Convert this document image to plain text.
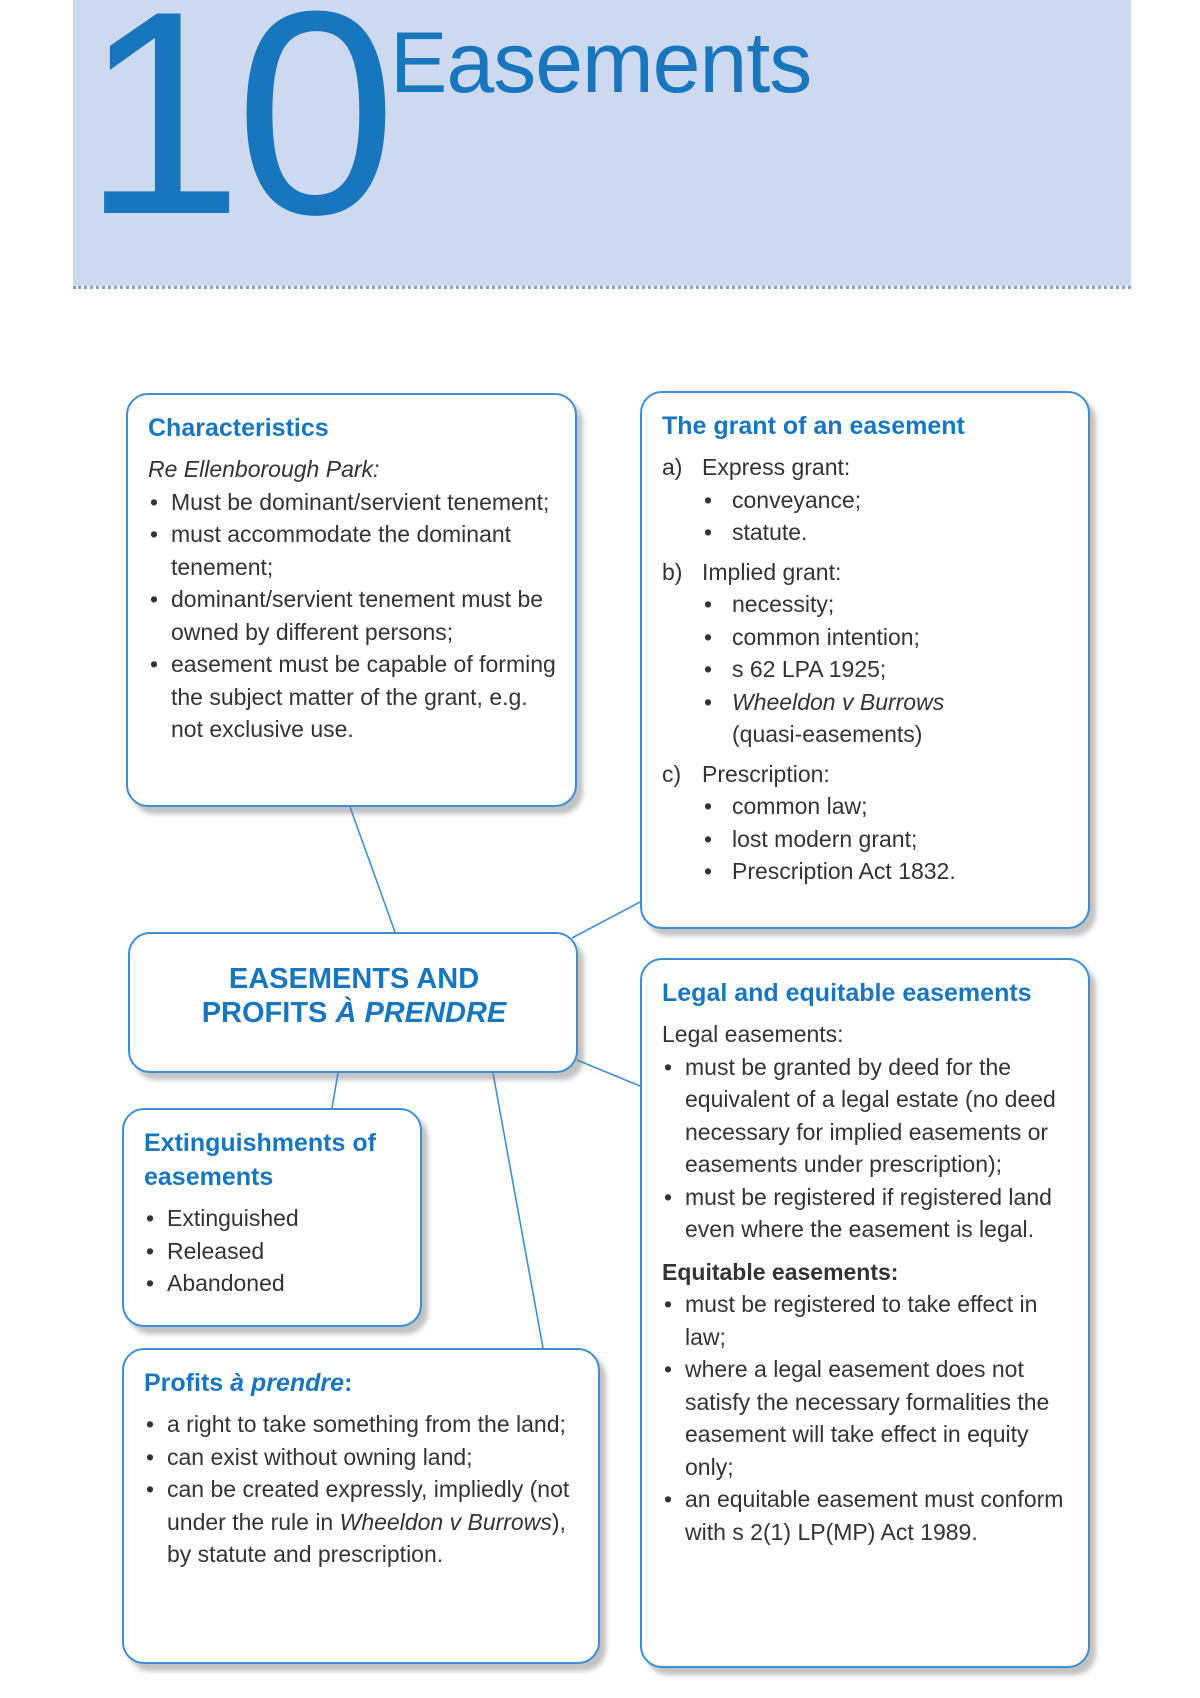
10 Easements
Characteristics

Re Ellenborough Park:

• Must be dominant/servient tenement;
• must accommodate the dominant tenement;
• dominant/servient tenement must be owned by different persons;
• easement must be capable of forming the subject matter of the grant, e.g. not exclusive use.
The grant of an easement
a) Express grant:
• conveyance;
• statute.
b) Implied grant:
• necessity;
• common intention;
• s 62 LPA 1925;
• Wheeldon v Burrows
(quasi-easements)
c) Prescription:
• common law;
• lost modern grant;
• Prescription Act 1832.
EASEMENTS AND
PROFITS À PRENDRE
Legal and equitable easements
Legal easements:
• must be granted by deed for the equivalent of a legal estate (no deed necessary for implied easements or easements under prescription);
• must be registered if registered land even where the easement is legal.
Equitable easements:
• must be registered to take effect in law;
• where a legal easement does not satisfy the necessary formalities the easement will take effect in equity only;
• an equitable easement must conform with s 2(1) LP(MP) Act 1989.
Extinguishments of easements
• Extinguished
• Released
• Abandoned
Profits à prendre:
• a right to take something from the land;
• can exist without owning land;
• can be created expressly, impliedly (not under the rule in Wheeldon v Burrows), by statute and prescription.
